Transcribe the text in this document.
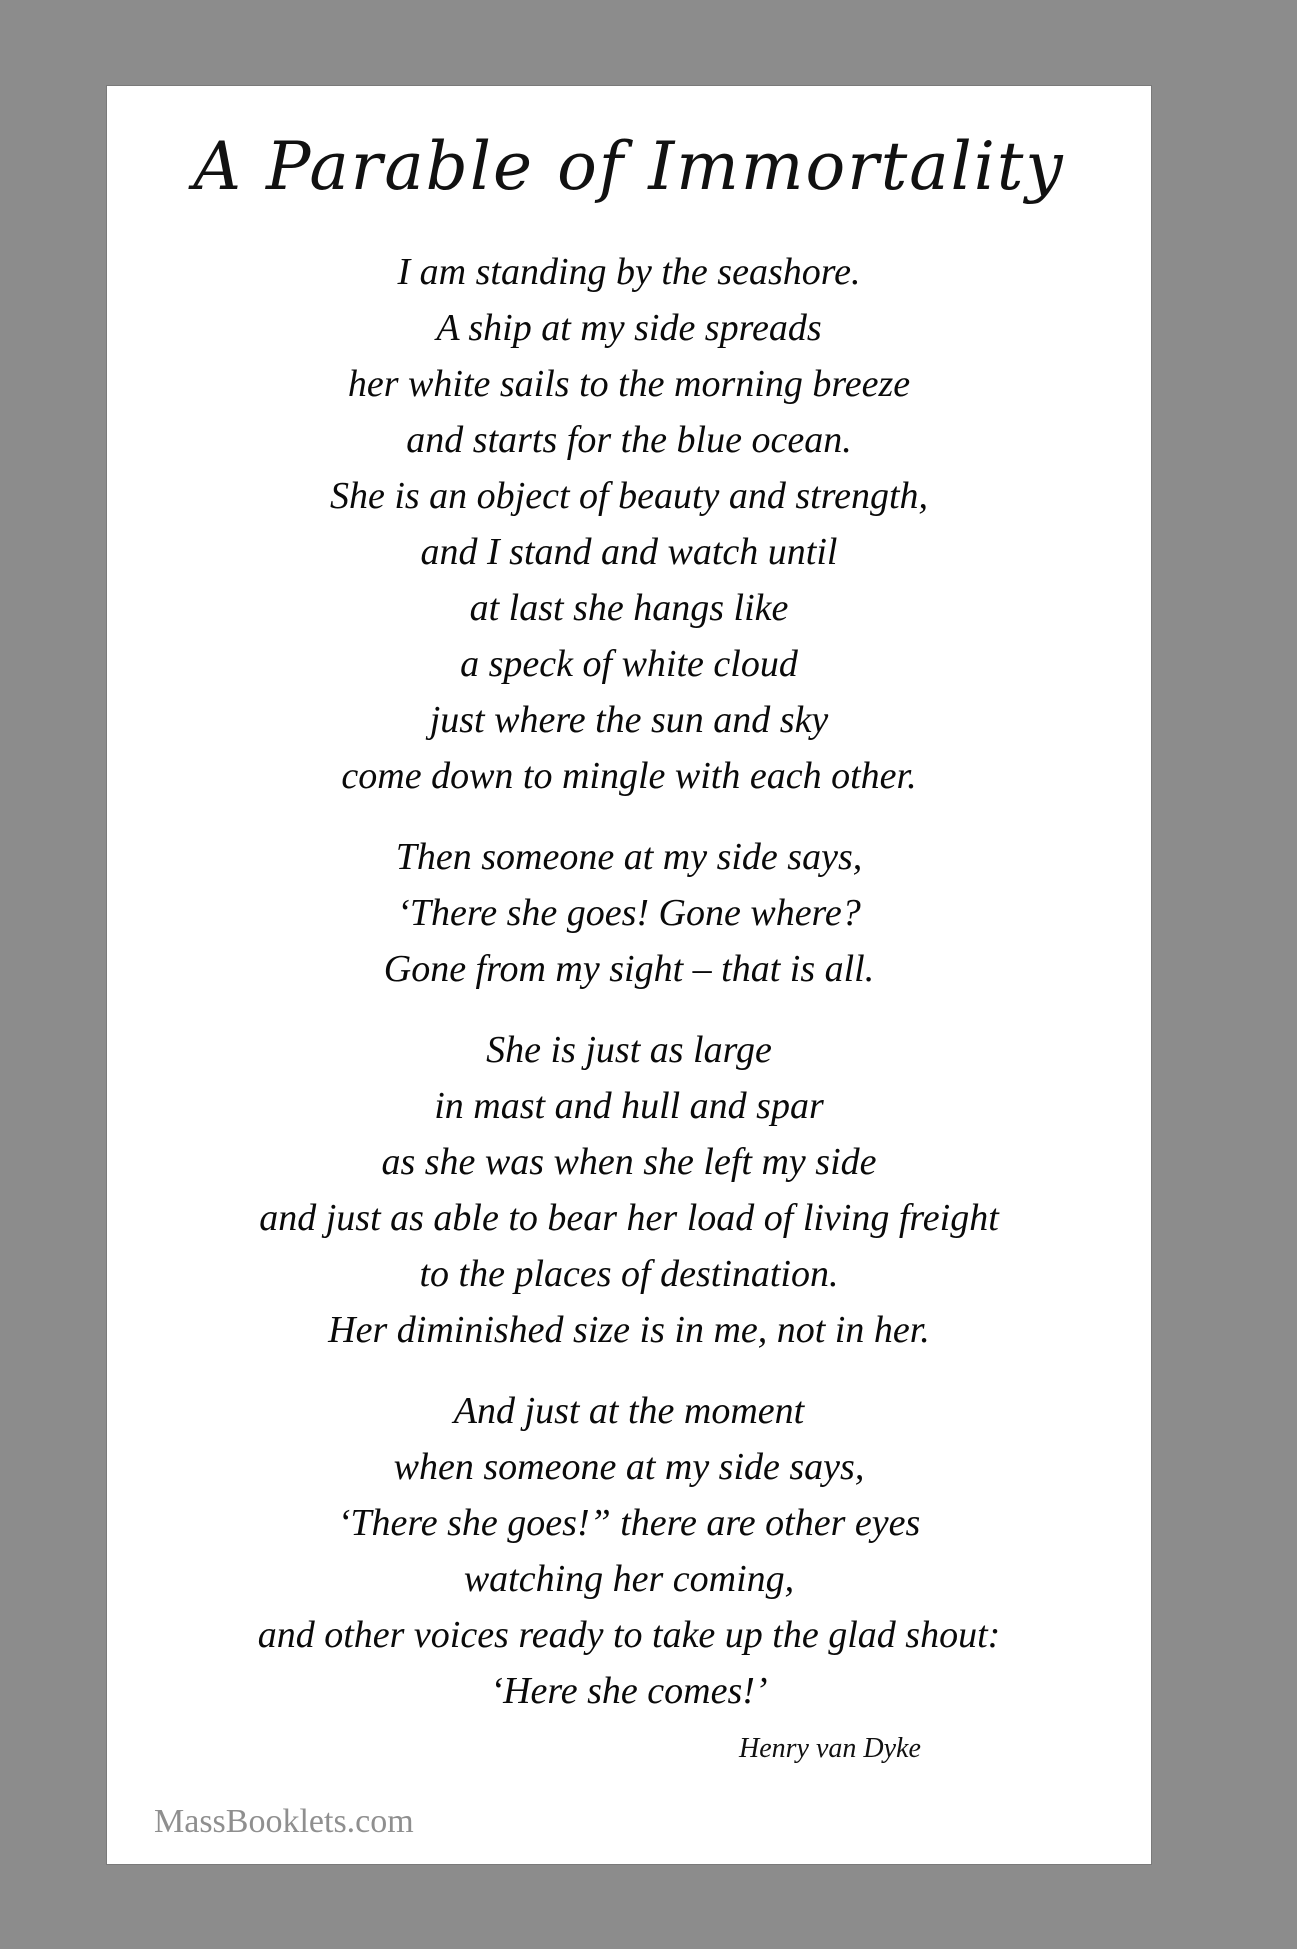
A Parable of Immortality
I am standing by the seashore.
A ship at my side spreads
her white sails to the morning breeze
and starts for the blue ocean.
She is an object of beauty and strength,
and I stand and watch until
at last she hangs like
a speck of white cloud
just where the sun and sky
come down to mingle with each other.
Then someone at my side says,
‘There she goes! Gone where?
Gone from my sight – that is all.
She is just as large
in mast and hull and spar
as she was when she left my side
and just as able to bear her load of living freight
to the places of destination.
Her diminished size is in me, not in her.
And just at the moment
when someone at my side says,
‘There she goes!” there are other eyes
watching her coming,
and other voices ready to take up the glad shout:
‘Here she comes!’
Henry van Dyke
MassBooklets.com
